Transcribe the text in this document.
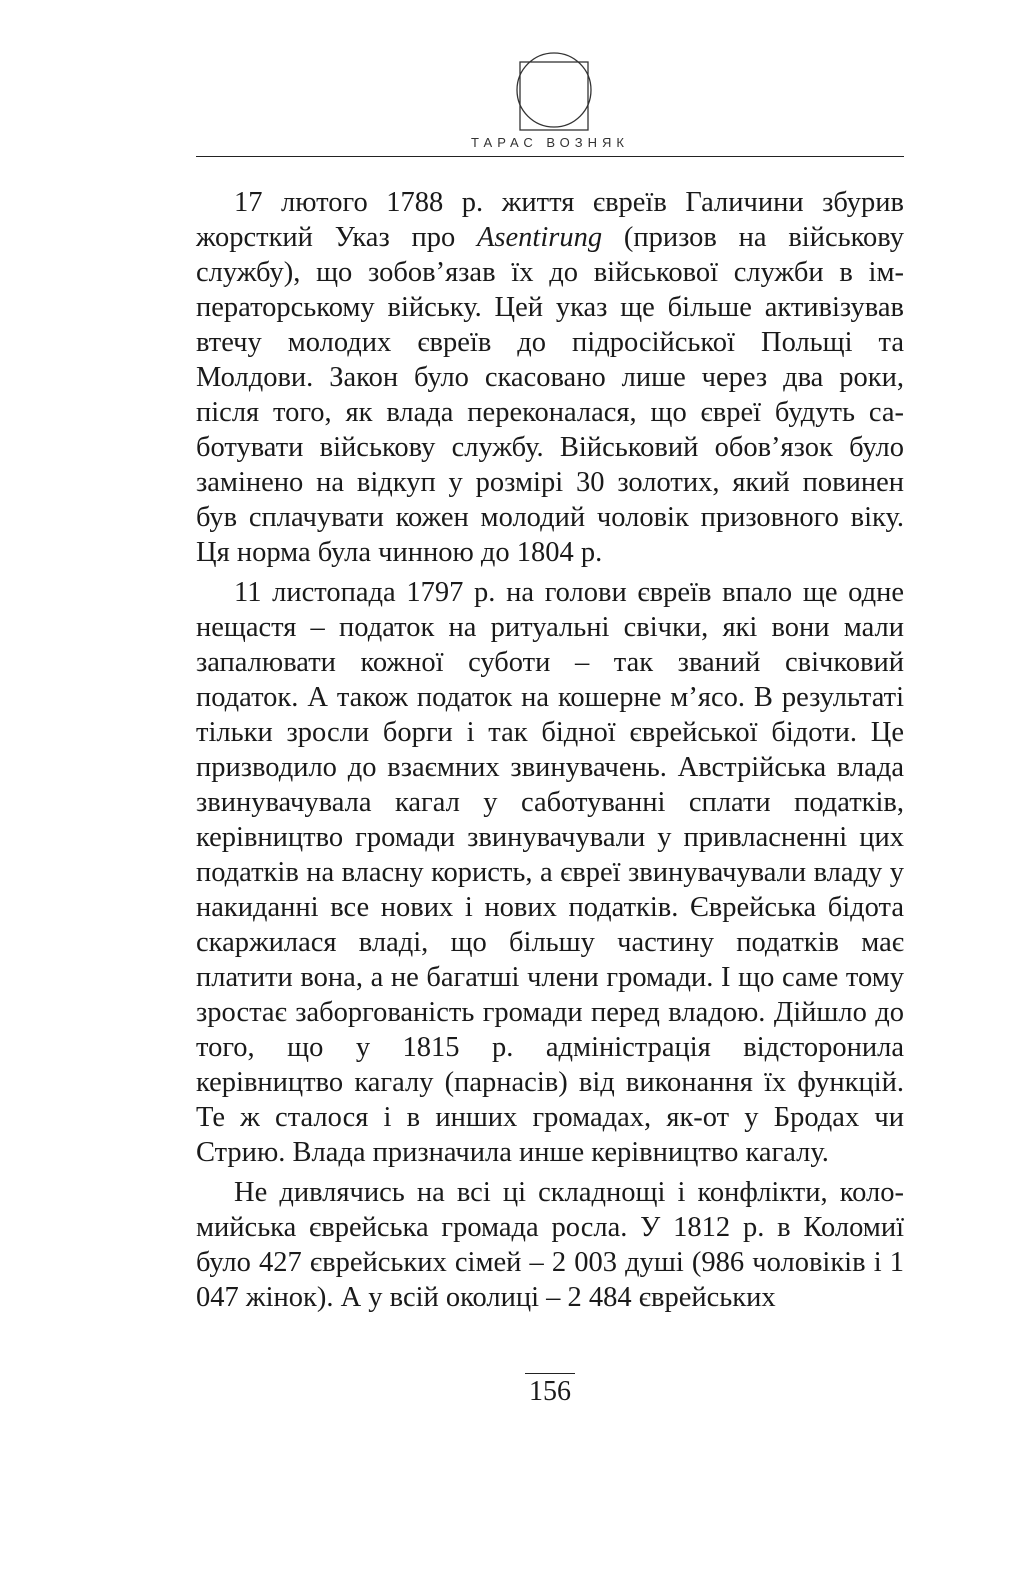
ТАРАС ВОЗНЯК

17 лютого 1788 р. життя євреїв Галичини збурив жорсткий Указ про Asentirung (призов на військову службу), що зобов’язав їх до військової служби в імператорському війську. Цей указ ще більше активізував втечу молодих євреїв до підросійської Польщі та Молдови. Закон було скасовано лише через два роки, після того, як влада переконалася, що євреї будуть саботувати військову службу. Військовий обов’язок було замінено на відкуп у розмірі 30 золотих, який повинен був сплачувати кожен молодий чоловік призовного віку. Ця норма була чинною до 1804 р.

11 листопада 1797 р. на голови євреїв впало ще одне нещастя – податок на ритуальні свічки, які вони мали запалювати кожної суботи – так званий свічковий податок. А також податок на кошерне м’ясо. В результаті тільки зросли борги і так бідної єврейської бідоти. Це призводило до взаємних звинувачень. Австрійська влада звинувачувала кагал у саботуванні сплати податків, керівництво громади звинувачували у привласненні цих податків на власну користь, а євреї звинувачували владу у накиданні все нових і нових податків. Єврейська бідота скаржилася владі, що більшу частину податків має платити вона, а не багатші члени громади. І що саме тому зростає заборгованість громади перед владою. Дійшло до того, що у 1815 р. адміністрація відсторонила керівництво кагалу (парнасів) від виконання їх функцій. Те ж сталося і в инших громадах, як-от у Бродах чи Стрию. Влада призначила инше керівництво кагалу.

Не дивлячись на всі ці складнощі і конфлікти, коломийська єврейська громада росла. У 1812 р. в Коломиї було 427 єврейських сімей – 2 003 душі (986 чоловіків і 1 047 жінок). А у всій околиці – 2 484 єврейських

156
